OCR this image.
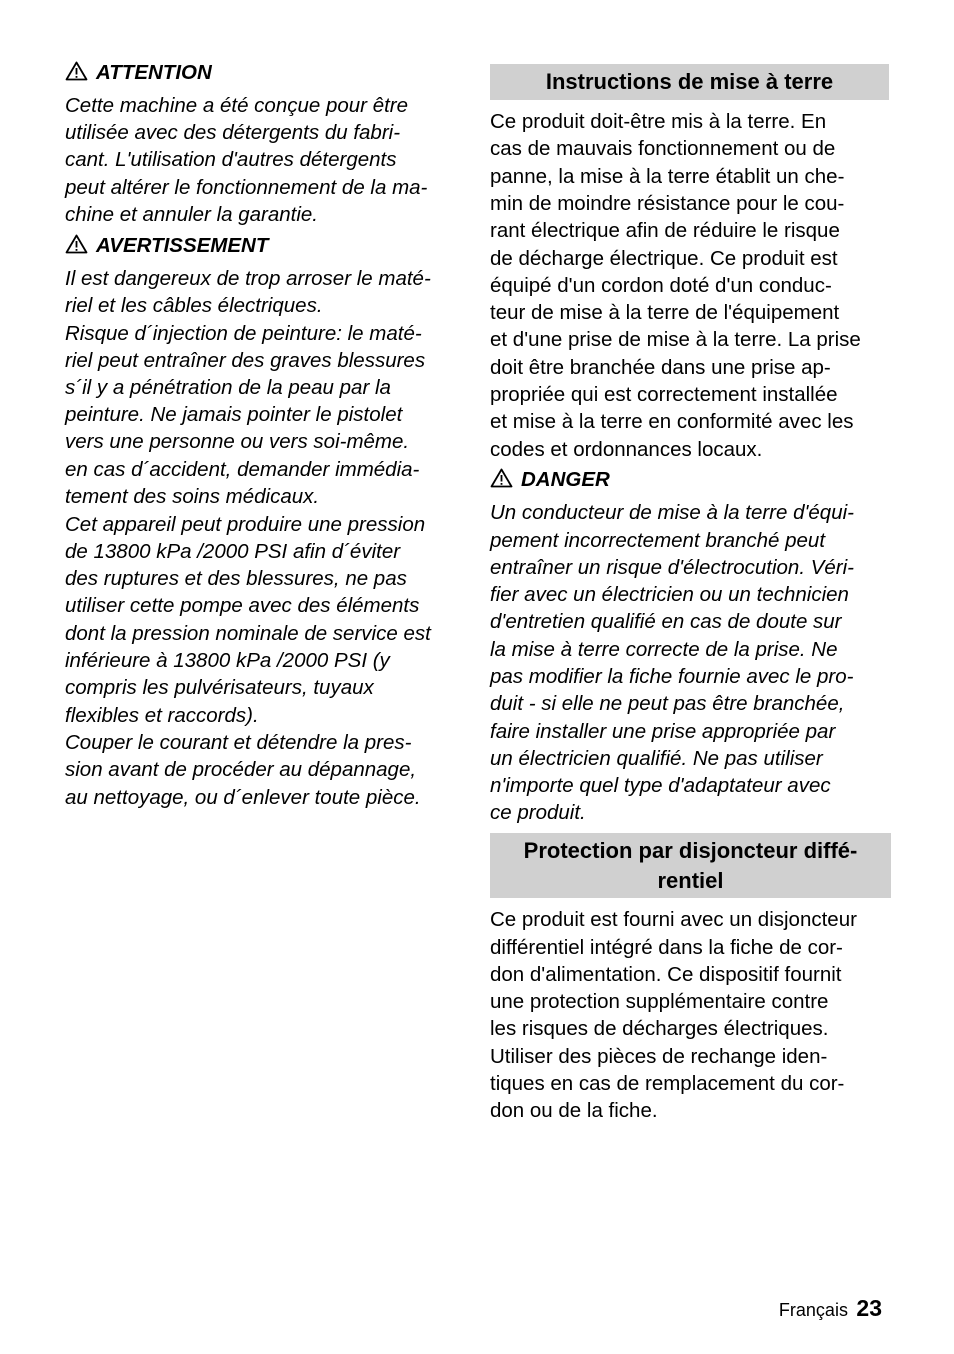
ATTENTION
Cette machine a été conçue pour être
utilisée avec des détergents du fabri-
cant. L'utilisation d'autres détergents
peut altérer le fonctionnement de la ma-
chine et annuler la garantie.
AVERTISSEMENT
Il est dangereux de trop arroser le maté-
riel et les câbles électriques.
Risque d´injection de peinture: le maté-
riel peut entraîner des graves blessures
s´il y a pénétration de la peau par la
peinture. Ne jamais pointer le pistolet
vers une personne ou vers soi-même.
en cas d´accident, demander immédia-
tement des soins médicaux.
Cet appareil peut produire une pression
de 13800 kPa /2000 PSI afin d´éviter
des ruptures et des blessures, ne pas
utiliser cette pompe avec des éléments
dont la pression nominale de service est
inférieure à 13800 kPa /2000 PSI (y
compris les pulvérisateurs, tuyaux
flexibles et raccords).
Couper le courant et détendre la pres-
sion avant de procéder au dépannage,
au nettoyage, ou d´enlever toute pièce.
Instructions de mise à terre
Ce produit doit-être mis à la terre. En
cas de mauvais fonctionnement ou de
panne, la mise à la terre établit un che-
min de moindre résistance pour le cou-
rant électrique afin de réduire le risque
de décharge électrique. Ce produit est
équipé d'un cordon doté d'un conduc-
teur de mise à la terre de l'équipement
et d'une prise de mise à la terre. La prise
doit être branchée dans une prise ap-
propriée qui est correctement installée
et mise à la terre en conformité avec les
codes et ordonnances locaux.
DANGER
Un conducteur de mise à la terre d'équi-
pement incorrectement branché peut
entraîner un risque d'électrocution. Véri-
fier avec un électricien ou un technicien
d'entretien qualifié en cas de doute sur
la mise à terre correcte de la prise. Ne
pas modifier la fiche fournie avec le pro-
duit - si elle ne peut pas être branchée,
faire installer une prise appropriée par
un électricien qualifié. Ne pas utiliser
n'importe quel type d'adaptateur avec
ce produit.
Protection par disjoncteur diffé-
rentiel
Ce produit est fourni avec un disjoncteur
différentiel intégré dans la fiche de cor-
don d'alimentation. Ce dispositif fournit
une protection supplémentaire contre
les risques de décharges électriques.
Utiliser des pièces de rechange iden-
tiques en cas de remplacement du cor-
don ou de la fiche.
Français 23
